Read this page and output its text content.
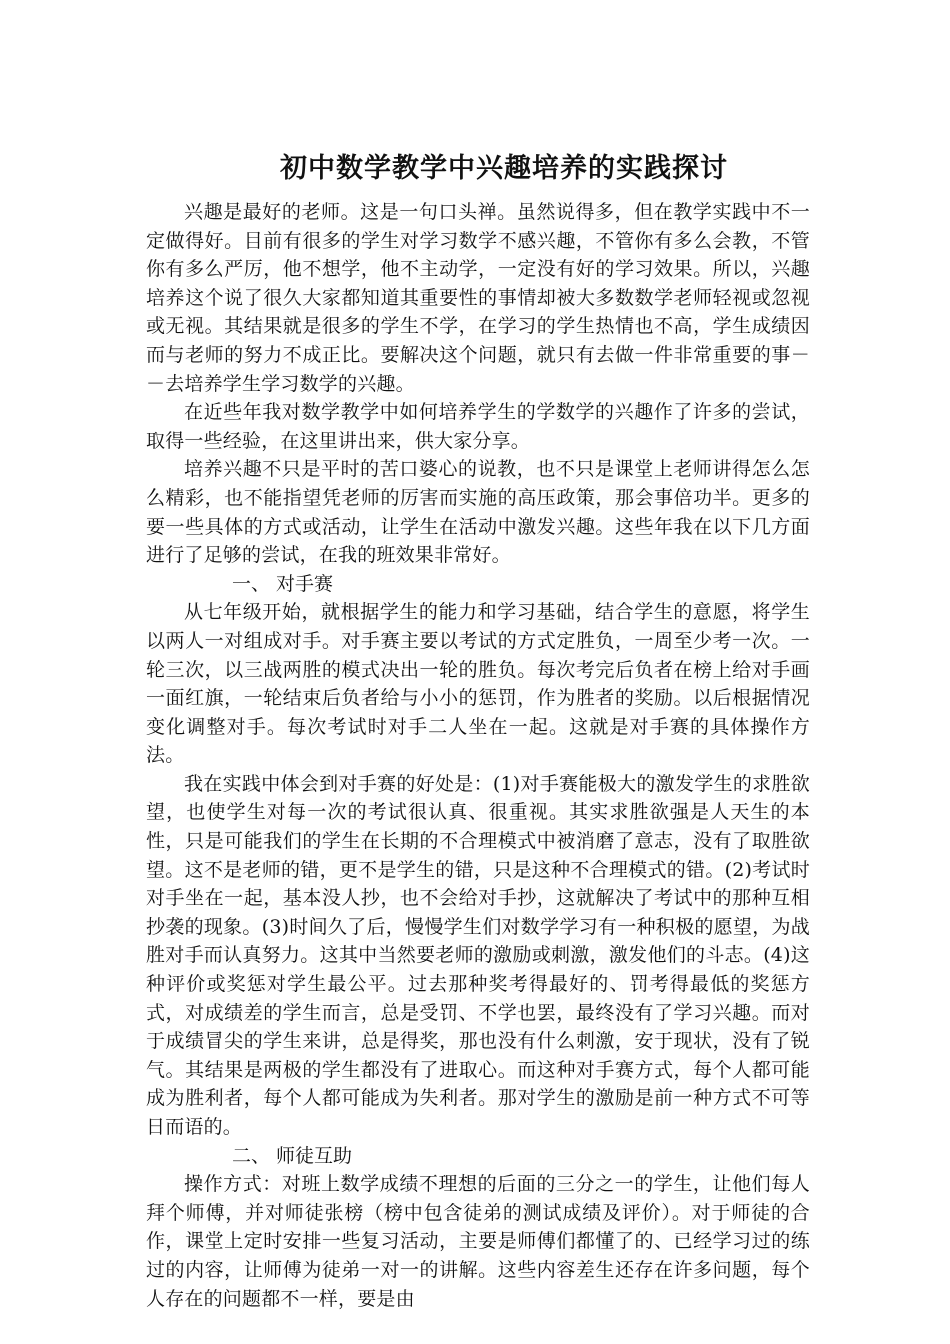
初中数学教学中兴趣培养的实践探讨

兴趣是最好的老师。这是一句口头禅。虽然说得多，但在教学实践中不一定做得好。目前有很多的学生对学习数学不感兴趣，不管你有多么会教，不管你有多么严厉，他不想学，他不主动学，一定没有好的学习效果。所以，兴趣培养这个说了很久大家都知道其重要性的事情却被大多数数学老师轻视或忽视或无视。其结果就是很多的学生不学，在学习的学生热情也不高，学生成绩因而与老师的努力不成正比。要解决这个问题，就只有去做一件非常重要的事－－去培养学生学习数学的兴趣。

在近些年我对数学教学中如何培养学生的学数学的兴趣作了许多的尝试，取得一些经验，在这里讲出来，供大家分享。

培养兴趣不只是平时的苦口婆心的说教，也不只是课堂上老师讲得怎么怎么精彩，也不能指望凭老师的厉害而实施的高压政策，那会事倍功半。更多的要一些具体的方式或活动，让学生在活动中激发兴趣。这些年我在以下几方面进行了足够的尝试，在我的班效果非常好。

一、 对手赛

从七年级开始，就根据学生的能力和学习基础，结合学生的意愿，将学生以两人一对组成对手。对手赛主要以考试的方式定胜负，一周至少考一次。一轮三次，以三战两胜的模式决出一轮的胜负。每次考完后负者在榜上给对手画一面红旗，一轮结束后负者给与小小的惩罚，作为胜者的奖励。以后根据情况变化调整对手。每次考试时对手二人坐在一起。这就是对手赛的具体操作方法。

我在实践中体会到对手赛的好处是：(1)对手赛能极大的激发学生的求胜欲望，也使学生对每一次的考试很认真、很重视。其实求胜欲强是人天生的本性，只是可能我们的学生在长期的不合理模式中被消磨了意志，没有了取胜欲望。这不是老师的错，更不是学生的错，只是这种不合理模式的错。(2)考试时对手坐在一起，基本没人抄，也不会给对手抄，这就解决了考试中的那种互相抄袭的现象。(3)时间久了后，慢慢学生们对数学学习有一种积极的愿望，为战胜对手而认真努力。这其中当然要老师的激励或刺激，激发他们的斗志。(4)这种评价或奖惩对学生最公平。过去那种奖考得最好的、罚考得最低的奖惩方式，对成绩差的学生而言，总是受罚、不学也罢，最终没有了学习兴趣。而对于成绩冒尖的学生来讲，总是得奖，那也没有什么刺激，安于现状，没有了锐气。其结果是两极的学生都没有了进取心。而这种对手赛方式，每个人都可能成为胜利者，每个人都可能成为失利者。那对学生的激励是前一种方式不可等日而语的。

二、 师徒互助

操作方式：对班上数学成绩不理想的后面的三分之一的学生，让他们每人拜个师傅，并对师徒张榜（榜中包含徒弟的测试成绩及评价）。对于师徒的合作，课堂上定时安排一些复习活动，主要是师傅们都懂了的、已经学习过的练过的内容，让师傅为徒弟一对一的讲解。这些内容差生还存在许多问题，每个人存在的问题都不一样，要是由
